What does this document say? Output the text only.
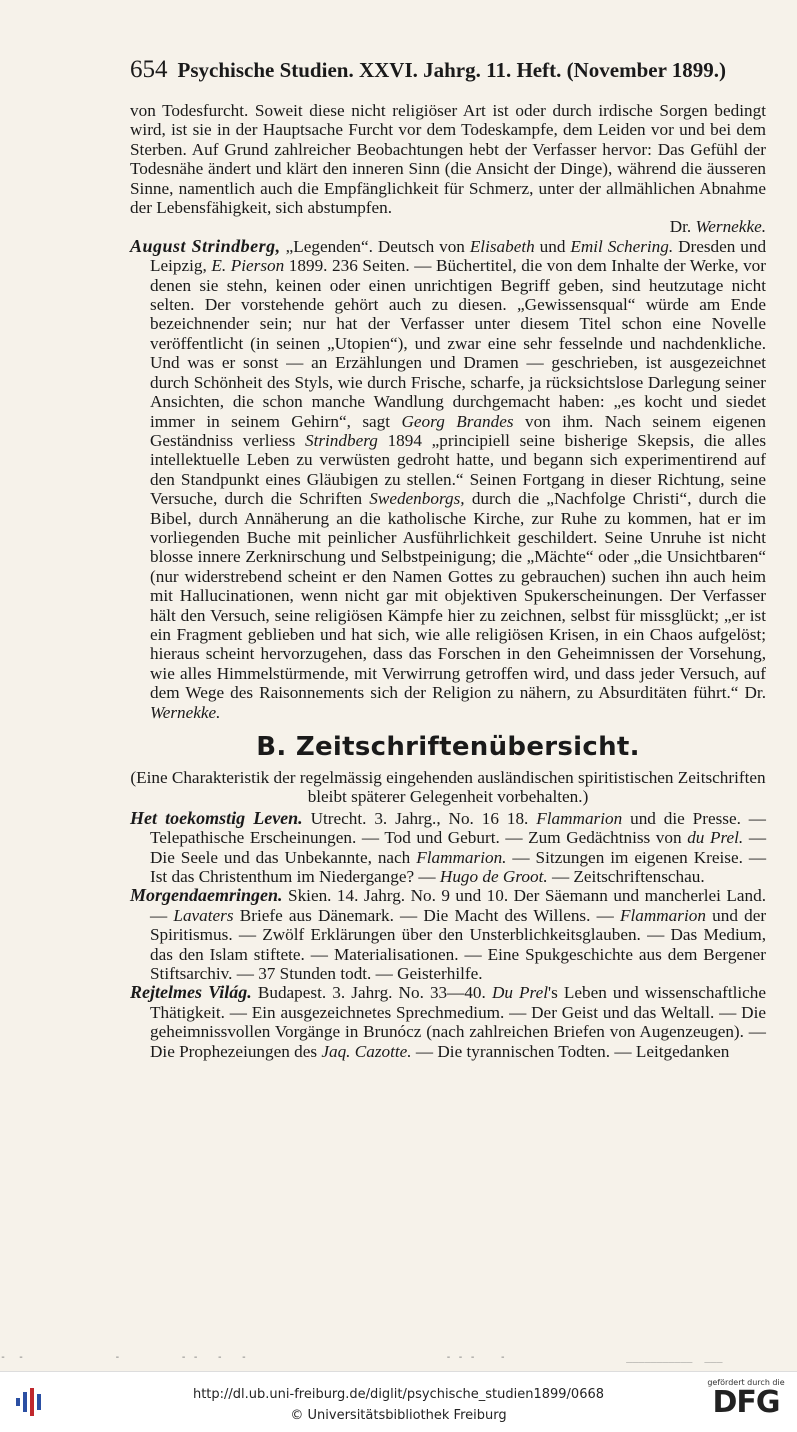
654 Psychische Studien. XXVI. Jahrg. 11. Heft. (November 1899.)

von Todesfurcht. Soweit diese nicht religiöser Art ist oder durch irdische Sorgen bedingt wird, ist sie in der Hauptsache Furcht vor dem Todeskampfe, dem Leiden vor und bei dem Sterben. Auf Grund zahlreicher Beobachtungen hebt der Verfasser hervor: Das Gefühl der Todesnähe ändert und klärt den inneren Sinn (die Ansicht der Dinge), während die äusseren Sinne, namentlich auch die Empfänglichkeit für Schmerz, unter der allmählichen Abnahme der Lebensfähigkeit, sich abstumpfen.

Dr. Wernekke.

August Strindberg, „Legenden“. Deutsch von Elisabeth und Emil Schering. Dresden und Leipzig, E. Pierson 1899. 236 Seiten. — Büchertitel, die von dem Inhalte der Werke, vor denen sie stehn, keinen oder einen unrichtigen Begriff geben, sind heutzutage nicht selten. Der vorstehende gehört auch zu diesen. „Gewissensqual“ würde am Ende bezeichnender sein; nur hat der Verfasser unter diesem Titel schon eine Novelle veröffentlicht (in seinen „Utopien“), und zwar eine sehr fesselnde und nachdenkliche. Und was er sonst — an Erzählungen und Dramen — geschrieben, ist ausgezeichnet durch Schönheit des Styls, wie durch Frische, scharfe, ja rücksichtslose Darlegung seiner Ansichten, die schon manche Wandlung durchgemacht haben: „es kocht und siedet immer in seinem Gehirn“, sagt Georg Brandes von ihm. Nach seinem eigenen Geständniss verliess Strindberg 1894 „principiell seine bisherige Skepsis, die alles intellektuelle Leben zu verwüsten gedroht hatte, und begann sich experimentirend auf den Standpunkt eines Gläubigen zu stellen.“ Seinen Fortgang in dieser Richtung, seine Versuche, durch die Schriften Swedenborgs, durch die „Nachfolge Christi“, durch die Bibel, durch Annäherung an die katholische Kirche, zur Ruhe zu kommen, hat er im vorliegenden Buche mit peinlicher Ausführlichkeit geschildert. Seine Unruhe ist nicht blosse innere Zerknirschung und Selbstpeinigung; die „Mächte“ oder „die Unsichtbaren“ (nur widerstrebend scheint er den Namen Gottes zu gebrauchen) suchen ihn auch heim mit Hallucinationen, wenn nicht gar mit objektiven Spukerscheinungen. Der Verfasser hält den Versuch, seine religiösen Kämpfe hier zu zeichnen, selbst für missglückt; „er ist ein Fragment geblieben und hat sich, wie alle religiösen Krisen, in ein Chaos aufgelöst; hieraus scheint hervorzugehen, dass das Forschen in den Geheimnissen der Vorsehung, wie alles Himmelstürmende, mit Verwirrung getroffen wird, und dass jeder Versuch, auf dem Wege des Raisonnements sich der Religion zu nähern, zu Absurditäten führt.“ Dr. Wernekke.

B. Zeitschriftenübersicht.

(Eine Charakteristik der regelmässig eingehenden ausländischen spiritistischen Zeitschriften bleibt späterer Gelegenheit vorbehalten.)

Het toekomstig Leven. Utrecht. 3. Jahrg., No. 16 18. Flammarion und die Presse. — Telepathische Erscheinungen. — Tod und Geburt. — Zum Gedächtniss von du Prel. — Die Seele und das Unbekannte, nach Flammarion. — Sitzungen im eigenen Kreise. — Ist das Christenthum im Niedergange? — Hugo de Groot. — Zeitschriftenschau.

Morgendaemringen. Skien. 14. Jahrg. No. 9 und 10. Der Säemann und mancherlei Land. — Lavaters Briefe aus Dänemark. — Die Macht des Willens. — Flammarion und der Spiritismus. — Zwölf Erklärungen über den Unsterblichkeitsglauben. — Das Medium, das den Islam stiftete. — Materialisationen. — Eine Spukgeschichte aus dem Bergener Stiftsarchiv. — 37 Stunden todt. — Geisterhilfe.

Rejtelmes Világ. Budapest. 3. Jahrg. No. 33—40. Du Prel's Leben und wissenschaftliche Thätigkeit. — Ein ausgezeichnetes Sprechmedium. — Der Geist und das Weltall. — Die geheimnissvollen Vorgänge in Brunócz (nach zahlreichen Briefen von Augenzeugen). — Die Prophezeiungen des Jaq. Cazotte. — Die tyrannischen Todten. — Leitgedanken

-  -               -          - -   -   -                                 - - -    -                    ___________  ___
http://dl.ub.uni-freiburg.de/diglit/psychische_studien1899/0668
© Universitätsbibliothek Freiburg
gefördert durch die
DFG
